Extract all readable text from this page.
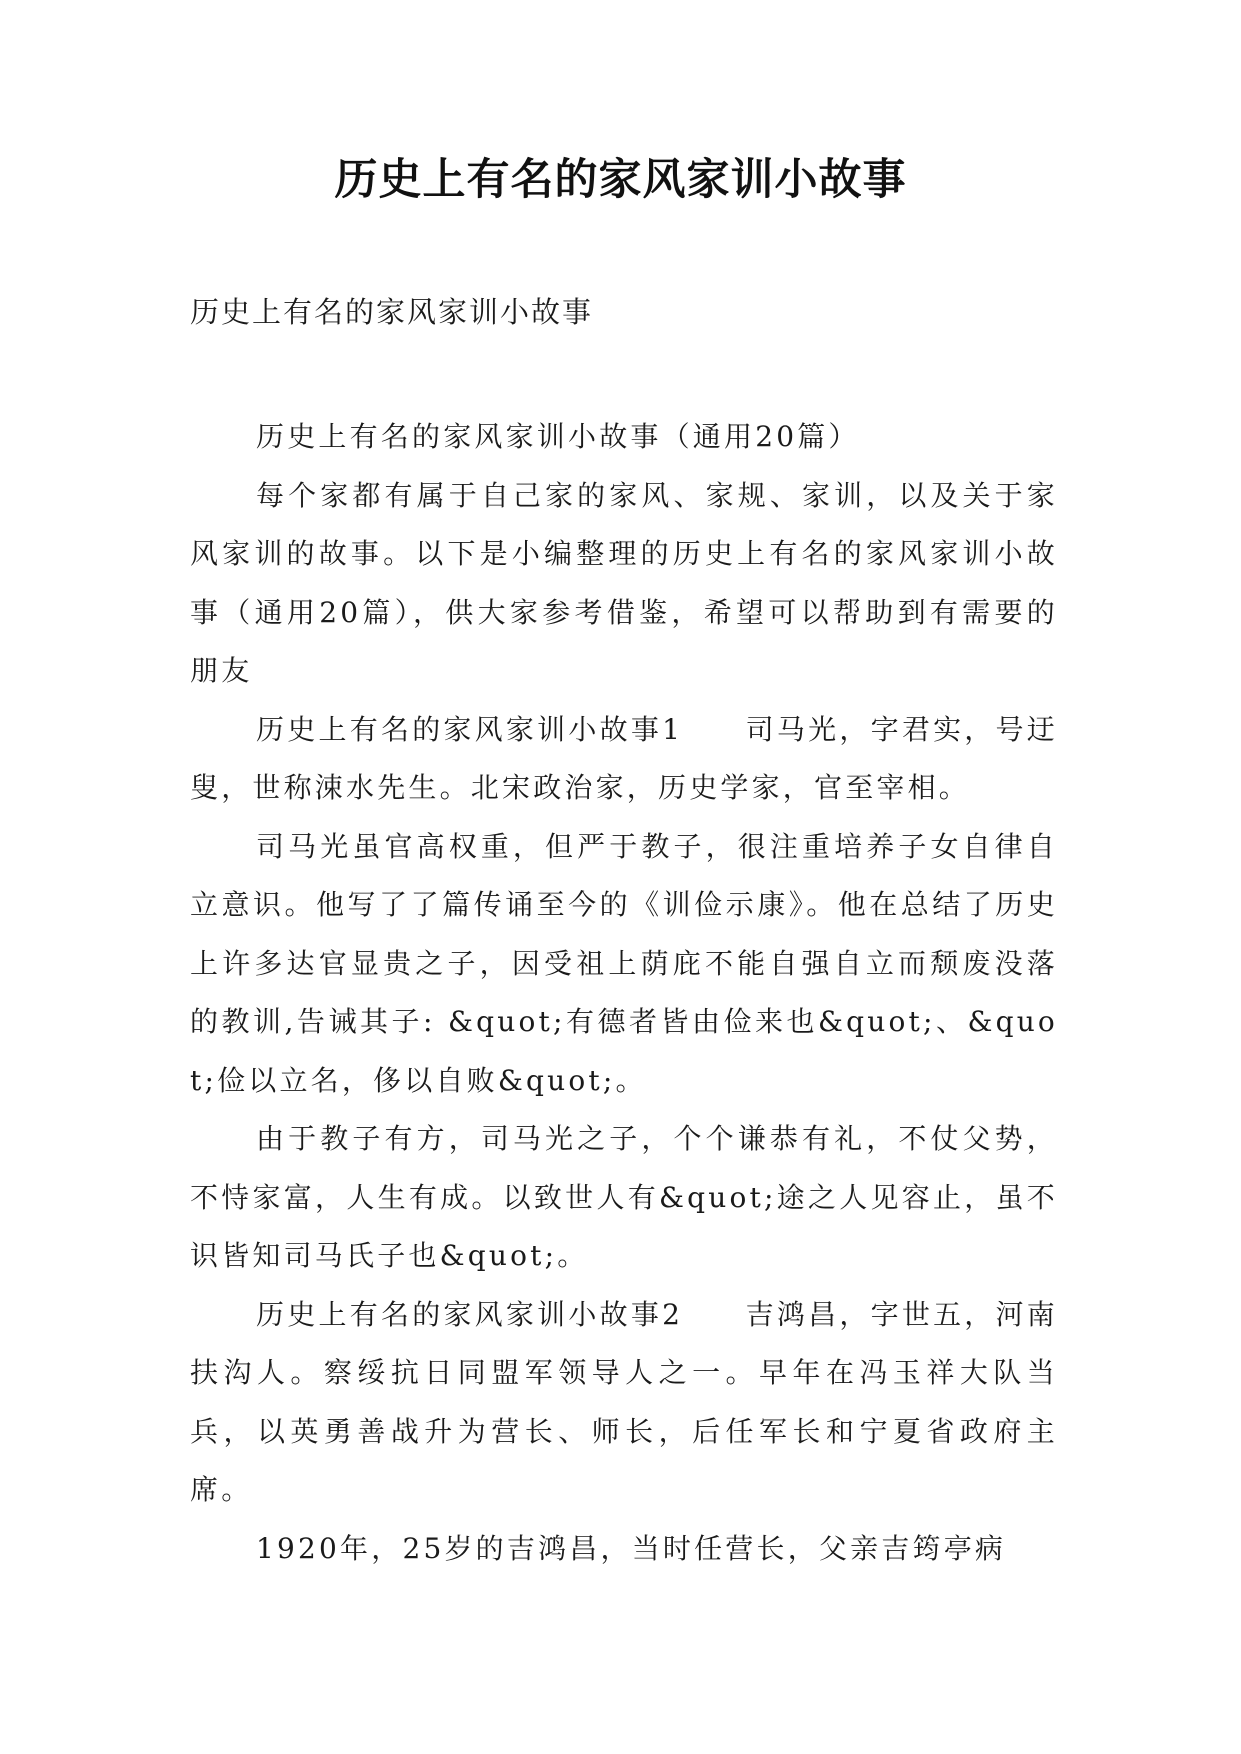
历史上有名的家风家训小故事
历史上有名的家风家训小故事

历史上有名的家风家训小故事（通用20篇）

每个家都有属于自己家的家风、家规、家训，以及关于家风家训的故事。以下是小编整理的历史上有名的家风家训小故事（通用20篇），供大家参考借鉴，希望可以帮助到有需要的朋友

历史上有名的家风家训小故事1　　司马光，字君实，号迂叟，世称涑水先生。北宋政治家，历史学家，官至宰相。

司马光虽官高权重，但严于教子，很注重培养子女自律自立意识。他写了了篇传诵至今的《训俭示康》。他在总结了历史上许多达官显贵之子，因受祖上荫庇不能自强自立而颓废没落的教训,告诫其子: &quot;有德者皆由俭来也&quot;、&quot;俭以立名，侈以自败&quot;。

由于教子有方，司马光之子，个个谦恭有礼，不仗父势，不恃家富，人生有成。以致世人有&quot;途之人见容止，虽不识皆知司马氏子也&quot;。

历史上有名的家风家训小故事2　　吉鸿昌，字世五，河南扶沟人。察绥抗日同盟军领导人之一。早年在冯玉祥大队当兵，以英勇善战升为营长、师长，后任军长和宁夏省政府主席。

1920年，25岁的吉鸿昌，当时任营长，父亲吉筠亭病
